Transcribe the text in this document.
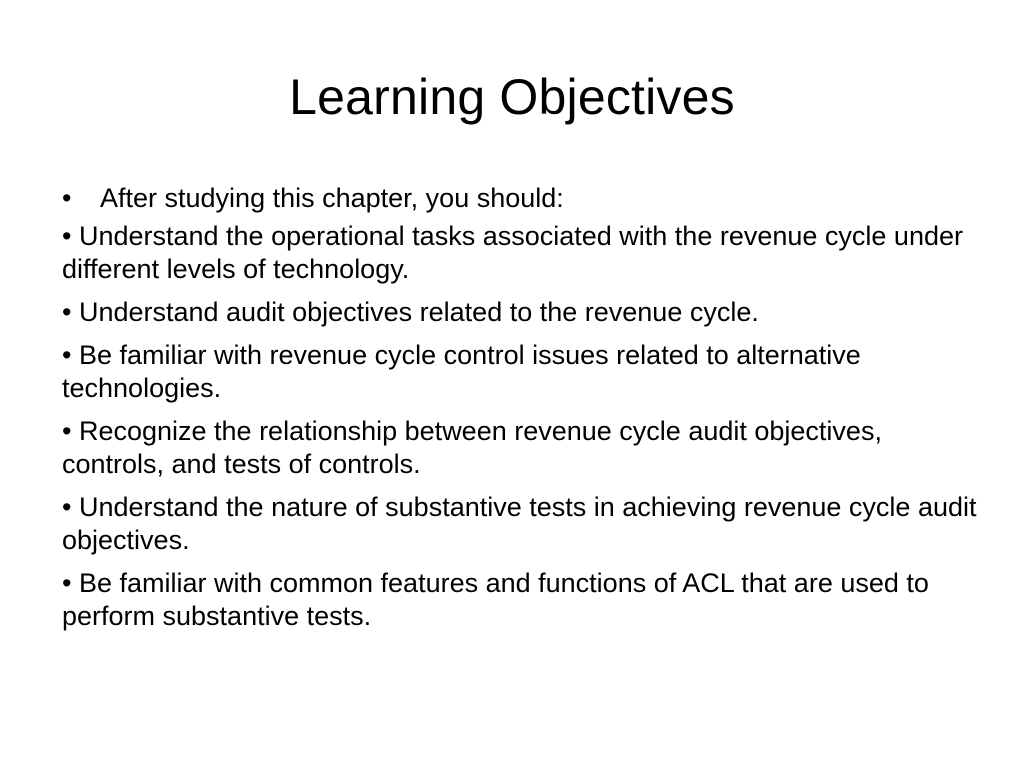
Learning Objectives
• After studying this chapter, you should:
• Understand the operational tasks associated with the revenue cycle under different levels of technology.
• Understand audit objectives related to the revenue cycle.
• Be familiar with revenue cycle control issues related to alternative technologies.
• Recognize the relationship between revenue cycle audit objectives, controls, and tests of controls.
• Understand the nature of substantive tests in achieving revenue cycle audit objectives.
• Be familiar with common features and functions of ACL that are used to perform substantive tests.
